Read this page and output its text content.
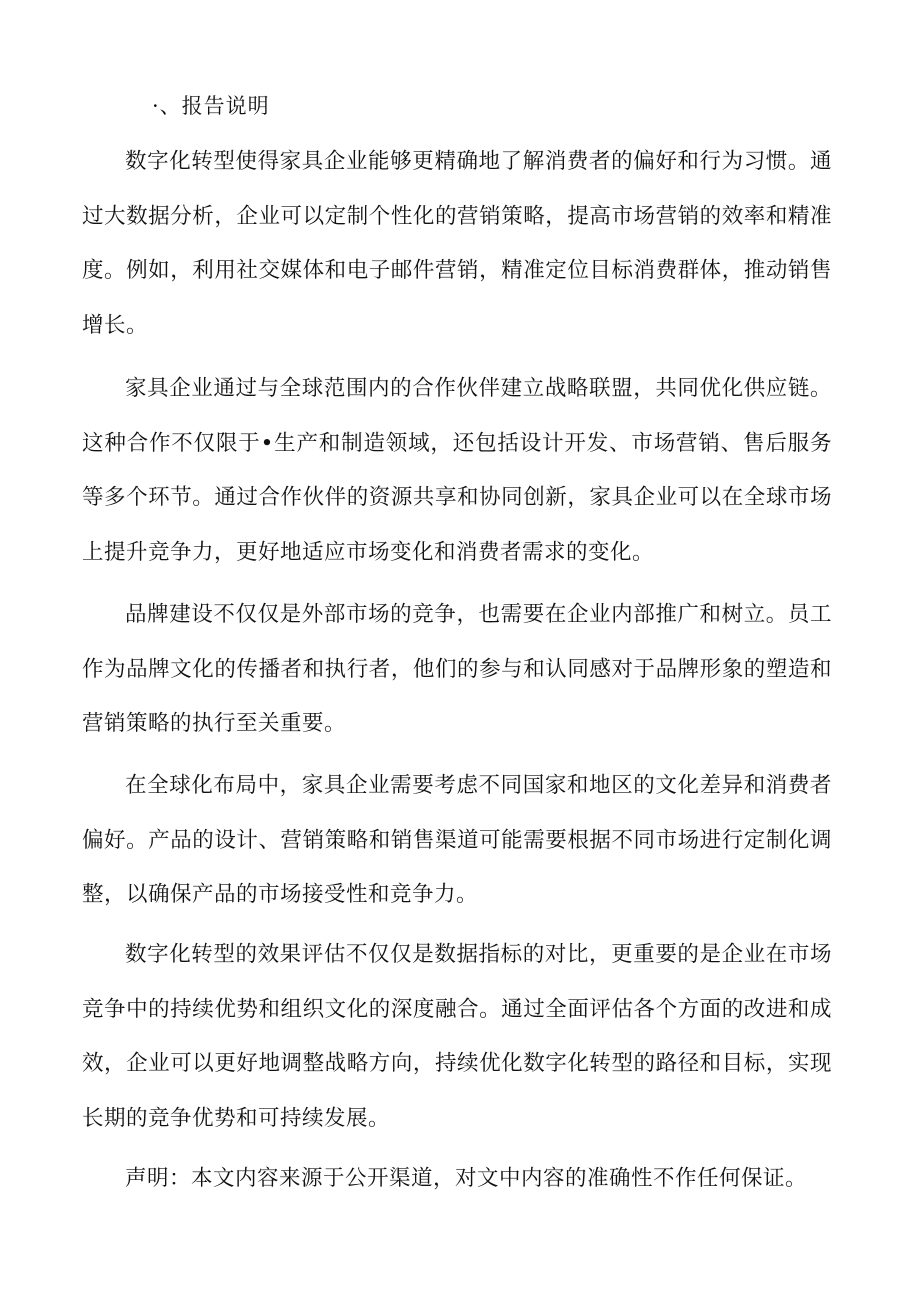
·、报告说明

数字化转型使得家具企业能够更精确地了解消费者的偏好和行为习惯。通过大数据分析，企业可以定制个性化的营销策略，提高市场营销的效率和精准度。例如，利用社交媒体和电子邮件营销，精准定位目标消费群体，推动销售增长。

家具企业通过与全球范围内的合作伙伴建立战略联盟，共同优化供应链。这种合作不仅限于•生产和制造领域，还包括设计开发、市场营销、售后服务等多个环节。通过合作伙伴的资源共享和协同创新，家具企业可以在全球市场上提升竞争力，更好地适应市场变化和消费者需求的变化。

品牌建设不仅仅是外部市场的竞争，也需要在企业内部推广和树立。员工作为品牌文化的传播者和执行者，他们的参与和认同感对于品牌形象的塑造和营销策略的执行至关重要。

在全球化布局中，家具企业需要考虑不同国家和地区的文化差异和消费者偏好。产品的设计、营销策略和销售渠道可能需要根据不同市场进行定制化调整，以确保产品的市场接受性和竞争力。

数字化转型的效果评估不仅仅是数据指标的对比，更重要的是企业在市场竞争中的持续优势和组织文化的深度融合。通过全面评估各个方面的改进和成效，企业可以更好地调整战略方向，持续优化数字化转型的路径和目标，实现长期的竞争优势和可持续发展。

声明：本文内容来源于公开渠道，对文中内容的准确性不作任何保证。
